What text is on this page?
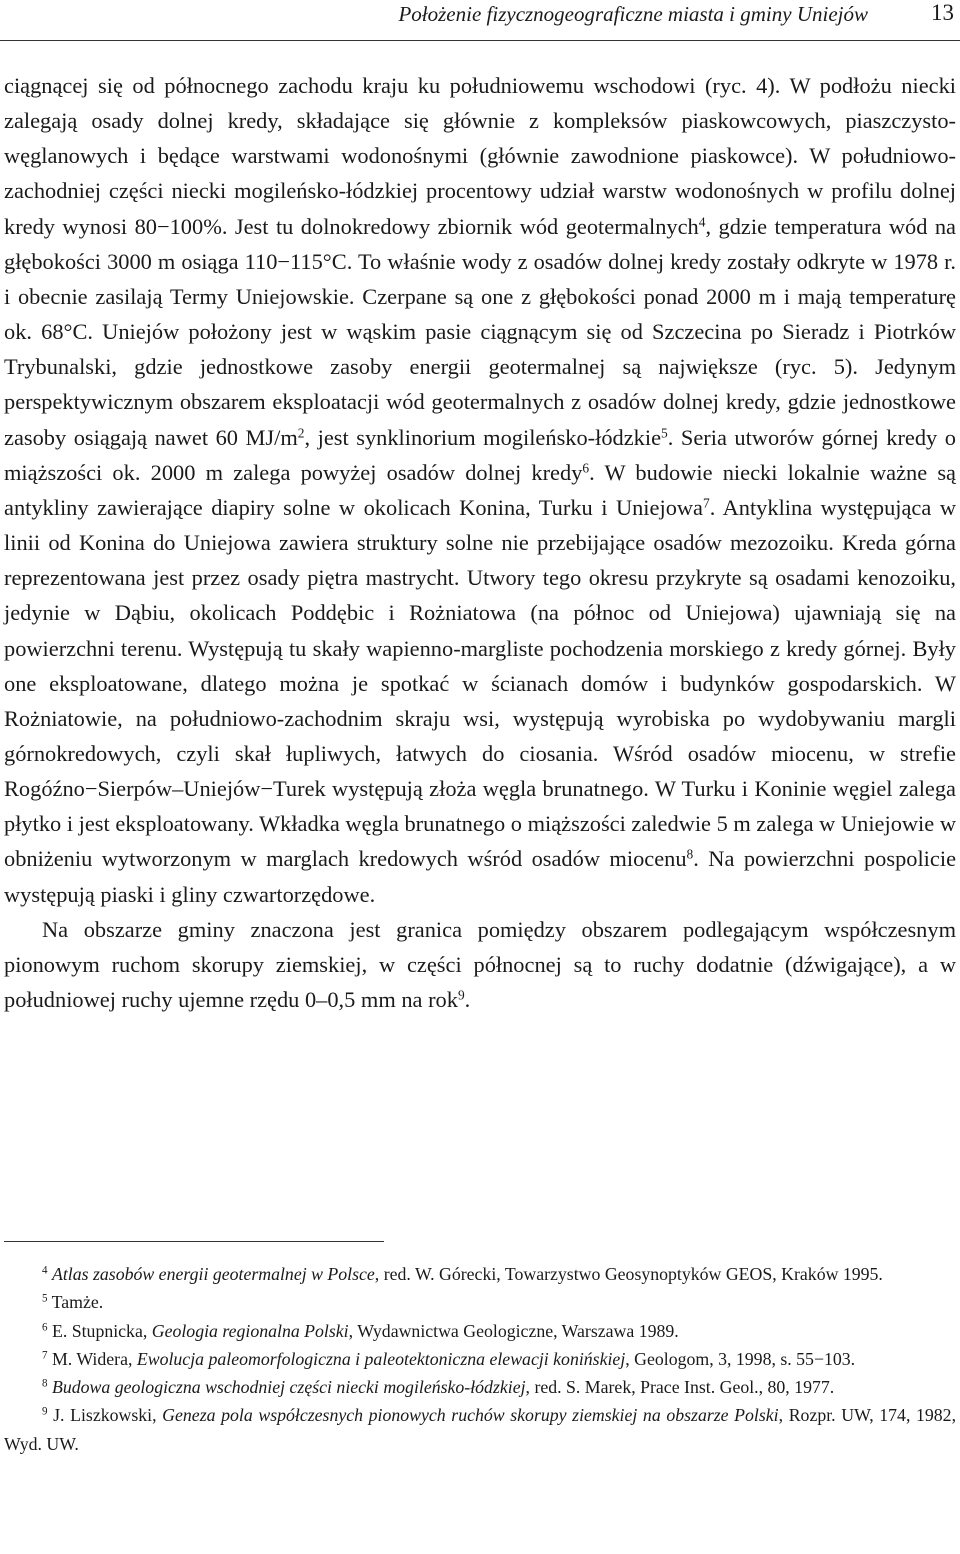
Położenie fizycznogeograficzne miasta i gminy Uniejów	13

ciągnącej się od północnego zachodu kraju ku południowemu wschodowi (ryc. 4). W podłożu niecki zalegają osady dolnej kredy, składające się głównie z kompleksów piaskowcowych, piaszczysto-węglanowych i będące warstwami wodonośnymi (głównie zawodnione piaskowce). W południowo-zachodniej części niecki mogileńsko-łódzkiej procentowy udział warstw wodonośnych w profilu dolnej kredy wynosi 80−100%. Jest tu dolnokredowy zbiornik wód geotermalnych$^4$, gdzie temperatura wód na głębokości 3000 m osiąga 110−115°C. To właśnie wody z osadów dolnej kredy zostały odkryte w 1978 r. i obecnie zasilają Termy Uniejowskie. Czerpane są one z głębokości ponad 2000 m i mają temperaturę ok. 68°C. Uniejów położony jest w wąskim pasie ciągnącym się od Szczecina po Sieradz i Piotrków Trybunalski, gdzie jednostkowe zasoby energii geotermalnej są największe (ryc. 5). Jedynym perspektywicznym obszarem eksploatacji wód geotermalnych z osadów dolnej kredy, gdzie jednostkowe zasoby osiągają nawet 60 $MJ/m^2$, jest synklinorium mogileńsko-łódzkie$^5$. Seria utworów górnej kredy o miąższości ok. 2000 m zalega powyżej osadów dolnej kredy$^6$. W budowie niecki lokalnie ważne są antykliny zawierające diapiry solne w okolicach Konina, Turku i Uniejowa$^7$. Antyklina występująca w linii od Konina do Uniejowa zawiera struktury solne nie przebijające osadów mezozoiku. Kreda górna reprezentowana jest przez osady piętra mastrycht. Utwory tego okresu przykryte są osadami kenozoiku, jedynie w Dąbiu, okolicach Poddębic i Rożniatowa (na północ od Uniejowa) ujawniają się na powierzchni terenu. Występują tu skały wapienno-margliste pochodzenia morskiego z kredy górnej. Były one eksploatowane, dlatego można je spotkać w ścianach domów i budynków gospodarskich. W Rożniatowie, na południowo-zachodnim skraju wsi, występują wyrobiska po wydobywaniu margli górnokredowych, czyli skał łupliwych, łatwych do ciosania. Wśród osadów miocenu, w strefie Rogóźno−Sierpów–Uniejów−Turek występują złoża węgla brunatnego. W Turku i Koninie węgiel zalega płytko i jest eksploatowany. Wkładka węgla brunatnego o miąższości zaledwie 5 m zalega w Uniejowie w obniżeniu wytworzonym w marglach kredowych wśród osadów miocenu$^8$. Na powierzchni pospolicie występują piaski i gliny czwartorzędowe.

Na obszarze gminy znaczona jest granica pomiędzy obszarem podlegającym współczesnym pionowym ruchom skorupy ziemskiej, w części północnej są to ruchy dodatnie (dźwigające), a w południowej ruchy ujemne rzędu 0–0,5 mm na rok$^9$.

$^4$ Atlas zasobów energii geotermalnej w Polsce, red. W. Górecki, Towarzystwo Geosynoptyków GEOS, Kraków 1995.

$^5$ Tamże.

$^6$ E. Stupnicka, Geologia regionalna Polski, Wydawnictwa Geologiczne, Warszawa 1989.

$^7$ M. Widera, Ewolucja paleomorfologiczna i paleotektoniczna elewacji konińskiej, Geologom, 3, 1998, s. 55−103.

$^8$ Budowa geologiczna wschodniej części niecki mogileńsko-łódzkiej, red. S. Marek, Prace Inst. Geol., 80, 1977.

$^9$ J. Liszkowski, Geneza pola współczesnych pionowych ruchów skorupy ziemskiej na obszarze Polski, Rozpr. UW, 174, 1982, Wyd. UW.
